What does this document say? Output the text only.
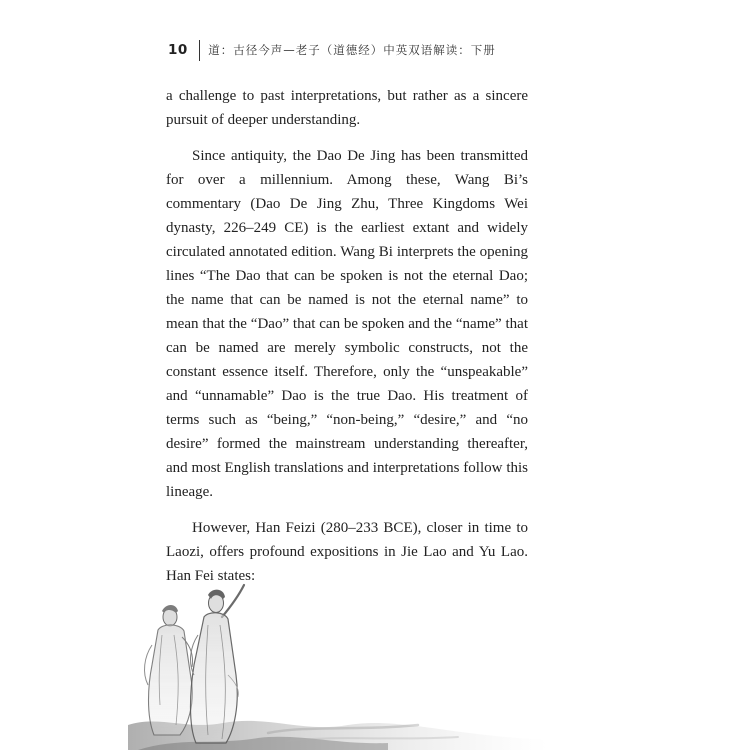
10 道：古径今声—老子（道德经）中英双语解读：下册

a challenge to past interpretations, but rather as a sincere pursuit of deeper understanding.

Since antiquity, the Dao De Jing has been transmitted for over a millennium. Among these, Wang Bi’s commentary (Dao De Jing Zhu, Three Kingdoms Wei dynasty, 226–249 CE) is the earliest extant and widely circulated annotated edition. Wang Bi interprets the opening lines “The Dao that can be spoken is not the eternal Dao; the name that can be named is not the eternal name” to mean that the “Dao” that can be spoken and the “name” that can be named are merely symbolic constructs, not the constant essence itself. Therefore, only the “unspeakable” and “unnamable” Dao is the true Dao. His treatment of terms such as “being,” “non-being,” “desire,” and “no desire” formed the mainstream understanding thereafter, and most English translations and interpretations follow this lineage.

However, Han Feizi (280–233 BCE), closer in time to Laozi, offers profound expositions in Jie Lao and Yu Lao. Han Fei states:
